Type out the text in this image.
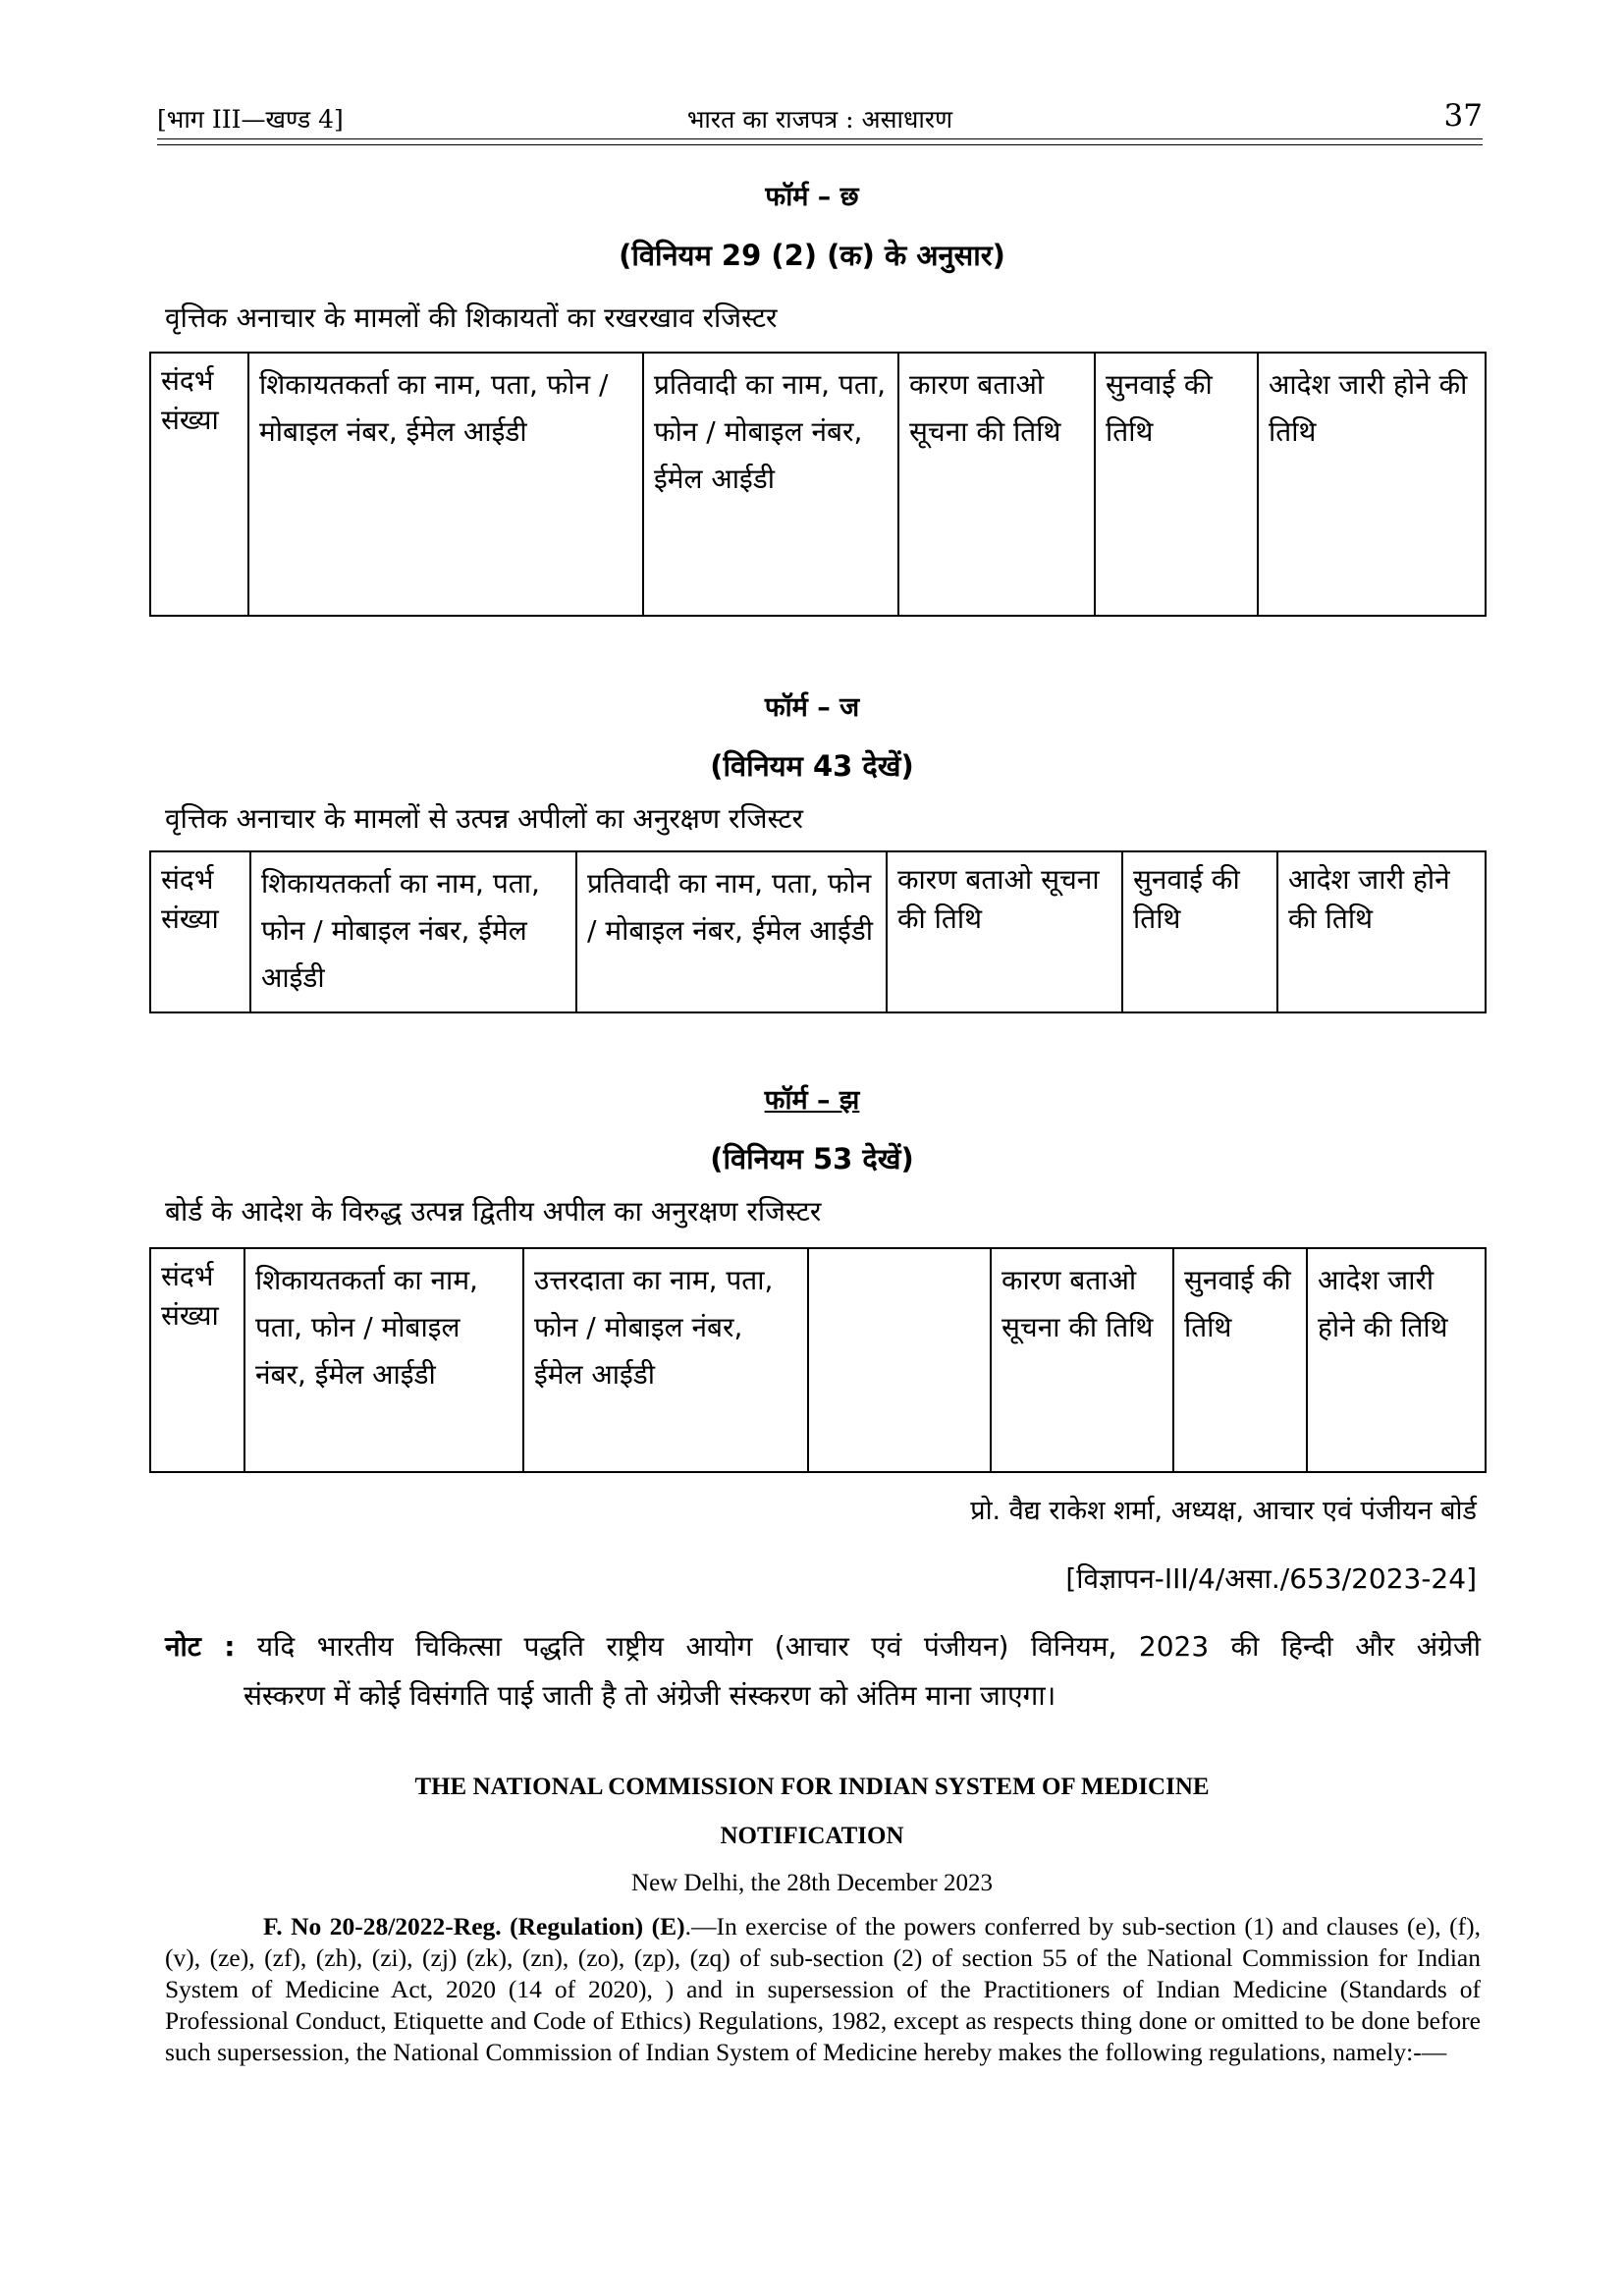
[भाग III—खण्ड 4]	भारत का राजपत्र : असाधारण	37
फॉर्म – छ
(विनियम 29 (2) (क) के अनुसार)
वृत्तिक अनाचार के मामलों की शिकायतों का रखरखाव रजिस्टर
संदर्भ संख्या	शिकायतकर्ता का नाम, पता, फोन / मोबाइल नंबर, ईमेल आईडी	प्रतिवादी का नाम, पता, फोन / मोबाइल नंबर, ईमेल आईडी	कारण बताओ सूचना की तिथि	सुनवाई की तिथि	आदेश जारी होने की तिथि
फॉर्म – ज
(विनियम 43 देखें)
वृत्तिक अनाचार के मामलों से उत्पन्न अपीलों का अनुरक्षण रजिस्टर
संदर्भ संख्या	शिकायतकर्ता का नाम, पता, फोन / मोबाइल नंबर, ईमेल आईडी	प्रतिवादी का नाम, पता, फोन / मोबाइल नंबर, ईमेल आईडी	कारण बताओ सूचना की तिथि	सुनवाई की तिथि	आदेश जारी होने की तिथि
फॉर्म – झ
(विनियम 53 देखें)
बोर्ड के आदेश के विरुद्ध उत्पन्न द्वितीय अपील का अनुरक्षण रजिस्टर
संदर्भ संख्या	शिकायतकर्ता का नाम, पता, फोन / मोबाइल नंबर, ईमेल आईडी	उत्तरदाता का नाम, पता, फोन / मोबाइल नंबर, ईमेल आईडी		कारण बताओ सूचना की तिथि	सुनवाई की तिथि	आदेश जारी होने की तिथि
प्रो. वैद्य राकेश शर्मा, अध्यक्ष, आचार एवं पंजीयन बोर्ड
[विज्ञापन-III/4/असा./653/2023-24]
नोट : यदि भारतीय चिकित्सा पद्धति राष्ट्रीय आयोग (आचार एवं पंजीयन) विनियम, 2023 की हिन्दी और अंग्रेजी
संस्करण में कोई विसंगति पाई जाती है तो अंग्रेजी संस्करण को अंतिम माना जाएगा।
THE NATIONAL COMMISSION FOR INDIAN SYSTEM OF MEDICINE
NOTIFICATION
New Delhi, the 28th December 2023
F. No 20-28/2022-Reg. (Regulation) (E).—In exercise of the powers conferred by sub-section (1) and clauses (e), (f), (v), (ze), (zf), (zh), (zi), (zj) (zk), (zn), (zo), (zp), (zq) of sub-section (2) of section 55 of the National Commission for Indian System of Medicine Act, 2020 (14 of 2020), ) and in supersession of the Practitioners of Indian Medicine (Standards of Professional Conduct, Etiquette and Code of Ethics) Regulations, 1982, except as respects thing done or omitted to be done before such supersession, the National Commission of Indian System of Medicine hereby makes the following regulations, namely:-—
